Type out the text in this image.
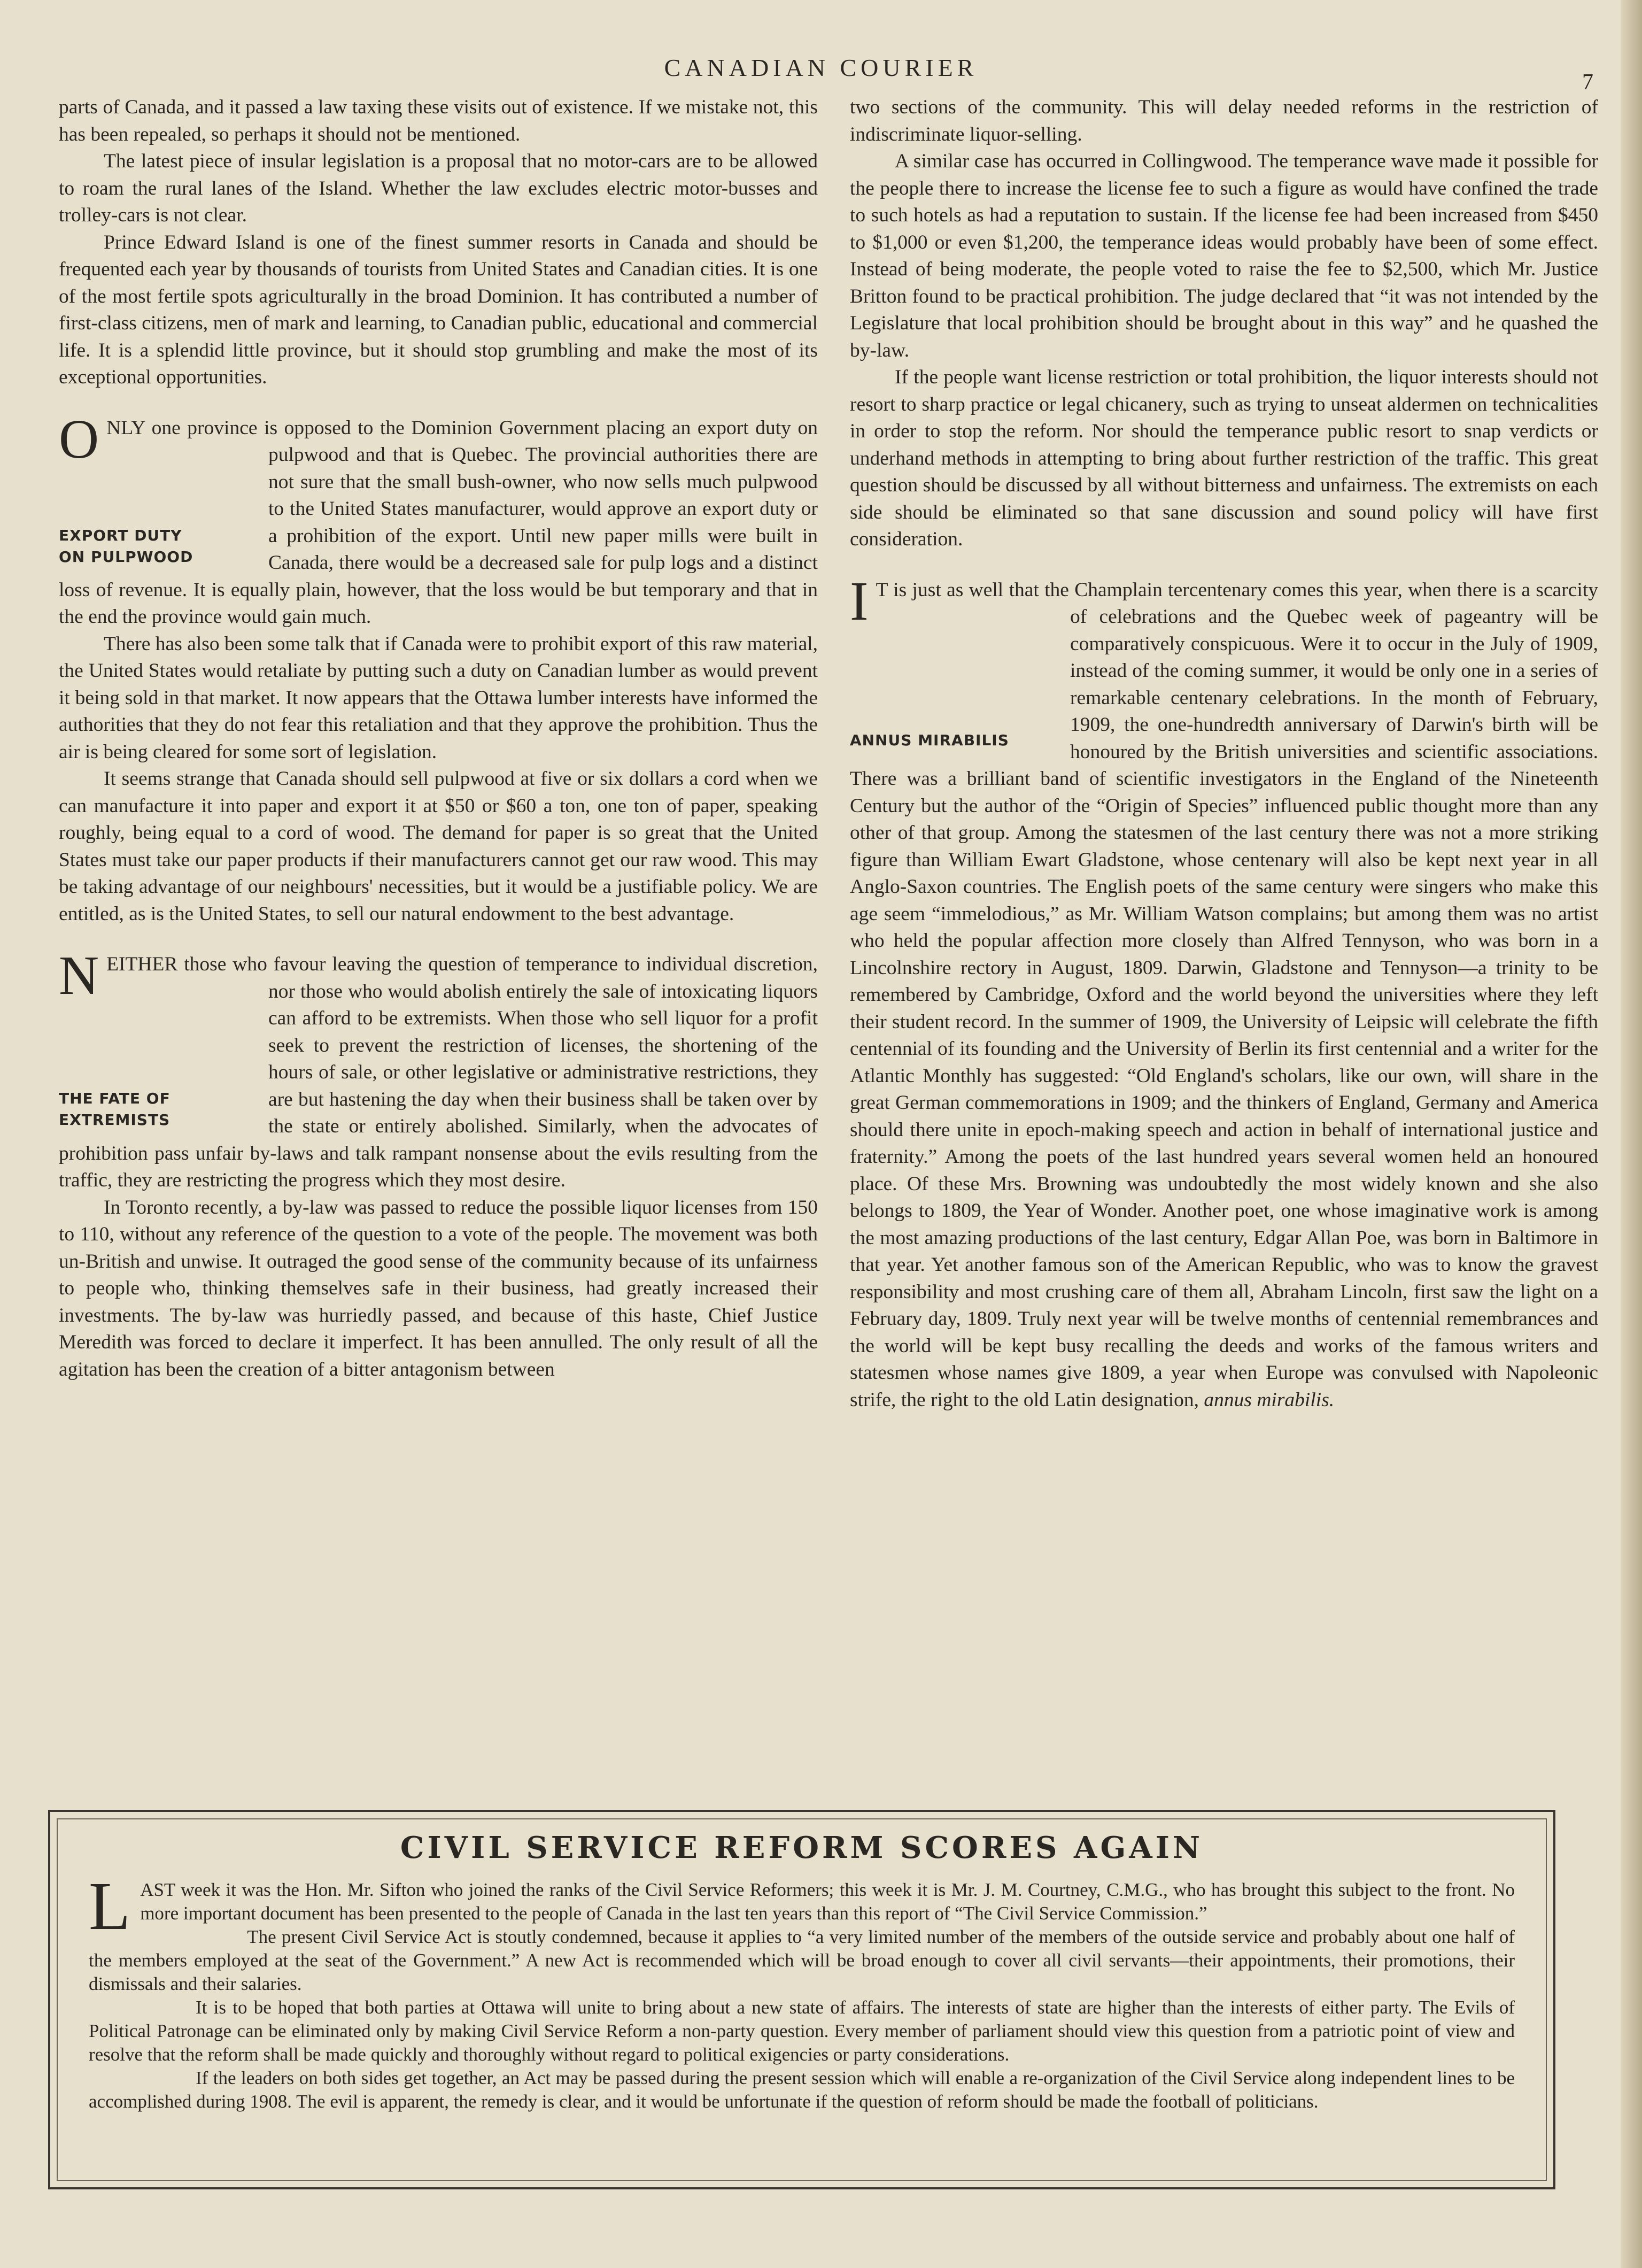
CANADIAN COURIER
7

parts of Canada, and it passed a law taxing these visits out of existence. If we mistake not, this has been repealed, so perhaps it should not be mentioned.

The latest piece of insular legislation is a proposal that no motor-cars are to be allowed to roam the rural lanes of the Island. Whether the law excludes electric motor-busses and trolley-cars is not clear.

Prince Edward Island is one of the finest summer resorts in Canada and should be frequented each year by thousands of tourists from United States and Canadian cities. It is one of the most fertile spots agriculturally in the broad Dominion. It has contributed a number of first-class citizens, men of mark and learning, to Canadian public, educational and commercial life. It is a splendid little province, but it should stop grumbling and make the most of its exceptional opportunities.

O
EXPORT DUTY
ON PULPWOOD
NLY one province is opposed to the Dominion Government placing an export duty on pulpwood and that is Quebec. The provincial authorities there are not sure that the small bush-owner, who now sells much pulpwood to the United States manufacturer, would approve an export duty or a prohibition of the export. Until new paper mills were built in Canada, there would be a decreased sale for pulp logs and a distinct loss of revenue. It is equally plain, however, that the loss would be but temporary and that in the end the province would gain much.

There has also been some talk that if Canada were to prohibit export of this raw material, the United States would retaliate by putting such a duty on Canadian lumber as would prevent it being sold in that market. It now appears that the Ottawa lumber interests have informed the authorities that they do not fear this retaliation and that they approve the prohibition. Thus the air is being cleared for some sort of legislation.

It seems strange that Canada should sell pulpwood at five or six dollars a cord when we can manufacture it into paper and export it at $50 or $60 a ton, one ton of paper, speaking roughly, being equal to a cord of wood. The demand for paper is so great that the United States must take our paper products if their manufacturers cannot get our raw wood. This may be taking advantage of our neighbours' necessities, but it would be a justifiable policy. We are entitled, as is the United States, to sell our natural endowment to the best advantage.

N
THE FATE OF
EXTREMISTS
EITHER those who favour leaving the question of temperance to individual discretion, nor those who would abolish entirely the sale of intoxicating liquors can afford to be extremists. When those who sell liquor for a profit seek to prevent the restriction of licenses, the shortening of the hours of sale, or other legislative or administrative restrictions, they are but hastening the day when their business shall be taken over by the state or entirely abolished. Similarly, when the advocates of prohibition pass unfair by-laws and talk rampant nonsense about the evils resulting from the traffic, they are restricting the progress which they most desire.

In Toronto recently, a by-law was passed to reduce the possible liquor licenses from 150 to 110, without any reference of the question to a vote of the people. The movement was both un-British and unwise. It outraged the good sense of the community because of its unfairness to people who, thinking themselves safe in their business, had greatly increased their investments. The by-law was hurriedly passed, and because of this haste, Chief Justice Meredith was forced to declare it imperfect. It has been annulled. The only result of all the agitation has been the creation of a bitter antagonism between

two sections of the community. This will delay needed reforms in the restriction of indiscriminate liquor-selling.

A similar case has occurred in Collingwood. The temperance wave made it possible for the people there to increase the license fee to such a figure as would have confined the trade to such hotels as had a reputation to sustain. If the license fee had been increased from $450 to $1,000 or even $1,200, the temperance ideas would probably have been of some effect. Instead of being moderate, the people voted to raise the fee to $2,500, which Mr. Justice Britton found to be practical prohibition. The judge declared that “it was not intended by the Legislature that local prohibition should be brought about in this way” and he quashed the by-law.

If the people want license restriction or total prohibition, the liquor interests should not resort to sharp practice or legal chicanery, such as trying to unseat aldermen on technicalities in order to stop the reform. Nor should the temperance public resort to snap verdicts or underhand methods in attempting to bring about further restriction of the traffic. This great question should be discussed by all without bitterness and unfairness. The extremists on each side should be eliminated so that sane discussion and sound policy will have first consideration.

I
ANNUS MIRABILIS
T is just as well that the Champlain tercentenary comes this year, when there is a scarcity of celebrations and the Quebec week of pageantry will be comparatively conspicuous. Were it to occur in the July of 1909, instead of the coming summer, it would be only one in a series of remarkable centenary celebrations. In the month of February, 1909, the one-hundredth anniversary of Darwin's birth will be honoured by the British universities and scientific associations. There was a brilliant band of scientific investigators in the England of the Nineteenth Century but the author of the “Origin of Species” influenced public thought more than any other of that group. Among the statesmen of the last century there was not a more striking figure than William Ewart Gladstone, whose centenary will also be kept next year in all Anglo-Saxon countries. The English poets of the same century were singers who make this age seem “immelodious,” as Mr. William Watson complains; but among them was no artist who held the popular affection more closely than Alfred Tennyson, who was born in a Lincolnshire rectory in August, 1809. Darwin, Gladstone and Tennyson—a trinity to be remembered by Cambridge, Oxford and the world beyond the universities where they left their student record. In the summer of 1909, the University of Leipsic will celebrate the fifth centennial of its founding and the University of Berlin its first centennial and a writer for the Atlantic Monthly has suggested: “Old England's scholars, like our own, will share in the great German commemorations in 1909; and the thinkers of England, Germany and America should there unite in epoch-making speech and action in behalf of international justice and fraternity.” Among the poets of the last hundred years several women held an honoured place. Of these Mrs. Browning was undoubtedly the most widely known and she also belongs to 1809, the Year of Wonder. Another poet, one whose imaginative work is among the most amazing productions of the last century, Edgar Allan Poe, was born in Baltimore in that year. Yet another famous son of the American Republic, who was to know the gravest responsibility and most crushing care of them all, Abraham Lincoln, first saw the light on a February day, 1809. Truly next year will be twelve months of centennial remembrances and the world will be kept busy recalling the deeds and works of the famous writers and statesmen whose names give 1809, a year when Europe was convulsed with Napoleonic strife, the right to the old Latin designation, annus mirabilis.

CIVIL SERVICE REFORM SCORES AGAIN

L AST week it was the Hon. Mr. Sifton who joined the ranks of the Civil Service Reformers; this week it is Mr. J. M. Courtney, C.M.G., who has brought this subject to the front. No more important document has been presented to the people of Canada in the last ten years than this report of “The Civil Service Commission.”

The present Civil Service Act is stoutly condemned, because it applies to “a very limited number of the members of the outside service and probably about one half of the members employed at the seat of the Government.” A new Act is recommended which will be broad enough to cover all civil servants—their appointments, their promotions, their dismissals and their salaries.

It is to be hoped that both parties at Ottawa will unite to bring about a new state of affairs. The interests of state are higher than the interests of either party. The Evils of Political Patronage can be eliminated only by making Civil Service Reform a non-party question. Every member of parliament should view this question from a patriotic point of view and resolve that the reform shall be made quickly and thoroughly without regard to political exigencies or party considerations.

If the leaders on both sides get together, an Act may be passed during the present session which will enable a re-organization of the Civil Service along independent lines to be accomplished during 1908. The evil is apparent, the remedy is clear, and it would be unfortunate if the question of reform should be made the football of politicians.
